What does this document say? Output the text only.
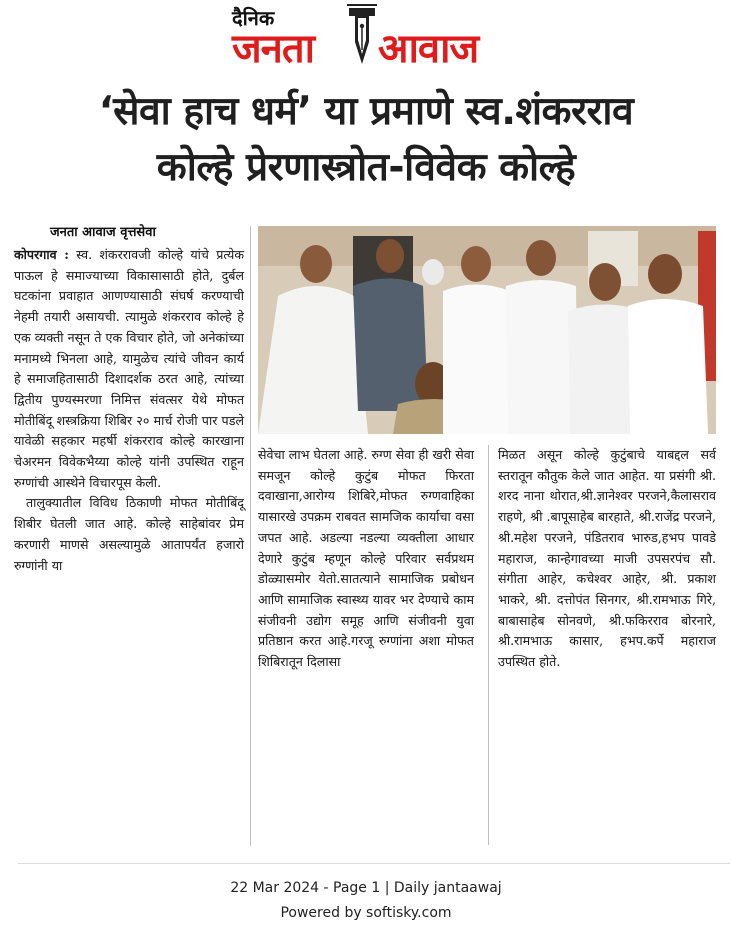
दैनिक
जनता आवाज
‘सेवा हाच धर्म’ या प्रमाणे स्व.शंकरराव
कोल्हे प्रेरणास्त्रोत-विवेक कोल्हे
जनता आवाज वृत्तसेवा

कोपरगाव : स्व. शंकररावजी कोल्हे यांचे प्रत्येक पाऊल हे समाज्याच्या विकासासाठी होते, दुर्बल घटकांना प्रवाहात आणण्यासाठी संघर्ष करण्याची नेहमी तयारी असायची. त्यामुळे शंकरराव कोल्हे हे एक व्यक्ती नसून ते एक विचार होते, जो अनेकांच्या मनामध्ये भिनला आहे, यामुळेच त्यांचे जीवन कार्य हे समाजहितासाठी दिशादर्शक ठरत आहे, त्यांच्या द्वितीय पुण्यस्मरणा निमित्त संवत्सर येथे मोफत मोतीबिंदू शस्त्रक्रिया शिबिर २० मार्च रोजी पार पडले यावेळी सहकार महर्षी शंकरराव कोल्हे कारखाना चेअरमन विवेकभैय्या कोल्हे यांनी उपस्थित राहून रुग्णांची आस्थेने विचारपूस केली.

तालुक्यातील विविध ठिकाणी मोफत मोतीबिंदू शिबीर घेतली जात आहे. कोल्हे साहेबांवर प्रेम करणारी माणसे असल्यामुळे आतापर्यंत हजारो रुग्णांनी या

सेवेचा लाभ घेतला आहे. रुग्ण सेवा ही खरी सेवा समजून कोल्हे कुटुंब मोफत फिरता दवाखाना,आरोग्य शिबिरे,मोफत रुग्णवाहिका यासारखे उपक्रम राबवत सामजिक कार्याचा वसा जपत आहे. अडल्या नडल्या व्यक्तीला आधार देणारे कुटुंब म्हणून कोल्हे परिवार सर्वप्रथम डोळ्यासमोर येतो.सातत्याने सामाजिक प्रबोधन आणि सामाजिक स्वास्थ्य यावर भर देण्याचे काम संजीवनी उद्योग समूह आणि संजीवनी युवा प्रतिष्ठान करत आहे.गरजू रुग्णांना अशा मोफत शिबिरातून दिलासा
मिळत असून कोल्हे कुटुंबाचे याबद्दल सर्व स्तरातून कौतुक केले जात आहेत. या प्रसंगी श्री. शरद नाना थोरात,श्री.ज्ञानेश्वर परजने,कैलासराव राहणे, श्री .बापूसाहेब बारहाते, श्री.राजेंद्र परजने, श्री.महेश परजने, पंडितराव भारुड,हभप पावडे महाराज, कान्हेगावच्या माजी उपसरपंच सौ. संगीता आहेर, कचेश्वर आहेर, श्री. प्रकाश भाकरे, श्री. दत्तोपंत सिनगर, श्री.रामभाऊ गिरे, बाबासाहेब सोनवणे, श्री.फकिरराव बोरनारे, श्री.रामभाऊ कासार, हभप.कर्पे महाराज उपस्थित होते.
22 Mar 2024 - Page 1 | Daily jantaawaj
Powered by softisky.com
